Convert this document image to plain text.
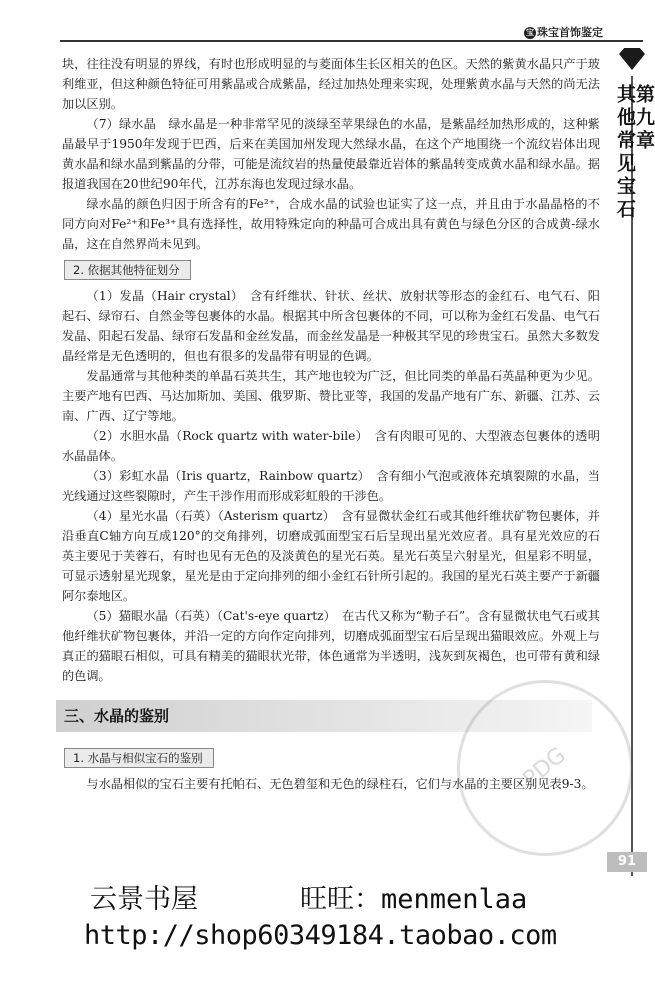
宝 珠宝首饰鉴定
第九章
其他常见宝石

块，往往没有明显的界线，有时也形成明显的与菱面体生长区相关的色区。天然的紫黄水晶只产于玻利维亚，但这种颜色特征可用紫晶或合成紫晶，经过加热处理来实现，处理紫黄水晶与天然的尚无法加以区别。

（7）绿水晶　绿水晶是一种非常罕见的淡绿至苹果绿色的水晶，是紫晶经加热形成的，这种紫晶最早于1950年发现于巴西，后来在美国加州发现大然绿水晶，在这个产地围绕一个流纹岩体出现黄水晶和绿水晶到紫晶的分带，可能是流纹岩的热量使最靠近岩体的紫晶转变成黄水晶和绿水晶。据报道我国在20世纪90年代，江苏东海也发现过绿水晶。

绿水晶的颜色归因于所含有的Fe²⁺，合成水晶的试验也证实了这一点，并且由于水晶晶格的不同方向对Fe²⁺和Fe³⁺具有选择性，故用特殊定向的种晶可合成出具有黄色与绿色分区的合成黄-绿水晶，这在自然界尚未见到。

2. 依据其他特征划分

（1）发晶（Hair crystal）　含有纤维状、针状、丝状、放射状等形态的金红石、电气石、阳起石、绿帘石、自然金等包裹体的水晶。根据其中所含包裹体的不同，可以称为金红石发晶、电气石发晶、阳起石发晶、绿帘石发晶和金丝发晶，而金丝发晶是一种极其罕见的珍贵宝石。虽然大多数发晶经常是无色透明的，但也有很多的发晶带有明显的色调。

发晶通常与其他种类的单晶石英共生，其产地也较为广泛，但比同类的单晶石英晶种更为少见。主要产地有巴西、马达加斯加、美国、俄罗斯、赞比亚等，我国的发晶产地有广东、新疆、江苏、云南、广西、辽宁等地。

（2）水胆水晶（Rock quartz with water-bile）　含有肉眼可见的、大型液态包裹体的透明水晶晶体。

（3）彩虹水晶（Iris quartz，Rainbow quartz）　含有细小气泡或液体充填裂隙的水晶，当光线通过这些裂隙时，产生干涉作用而形成彩虹般的干涉色。

（4）星光水晶（石英）（Asterism quartz）　含有显微状金红石或其他纤维状矿物包裹体，并沿垂直C轴方向互成120°的交角排列，切磨成弧面型宝石后呈现出星光效应者。具有星光效应的石英主要见于芙蓉石，有时也见有无色的及淡黄色的星光石英。星光石英呈六射星光，但星彩不明显，可显示透射星光现象，星光是由于定向排列的细小金红石针所引起的。我国的星光石英主要产于新疆阿尔泰地区。

（5）猫眼水晶（石英）（Cat's-eye quartz）　在古代又称为“勒子石”。含有显微状电气石或其他纤维状矿物包裹体，并沿一定的方向作定向排列，切磨成弧面型宝石后呈现出猫眼效应。外观上与真正的猫眼石相似，可具有精美的猫眼状光带，体色通常为半透明，浅灰到灰褐色，也可带有黄和绿的色调。

三、水晶的鉴别
1. 水晶与相似宝石的鉴别

与水晶相似的宝石主要有托帕石、无色碧玺和无色的绿柱石，它们与水晶的主要区别见表9-3。

PDG
91
云景书屋	旺旺：menmenlaa
http://shop60349184.taobao.com
